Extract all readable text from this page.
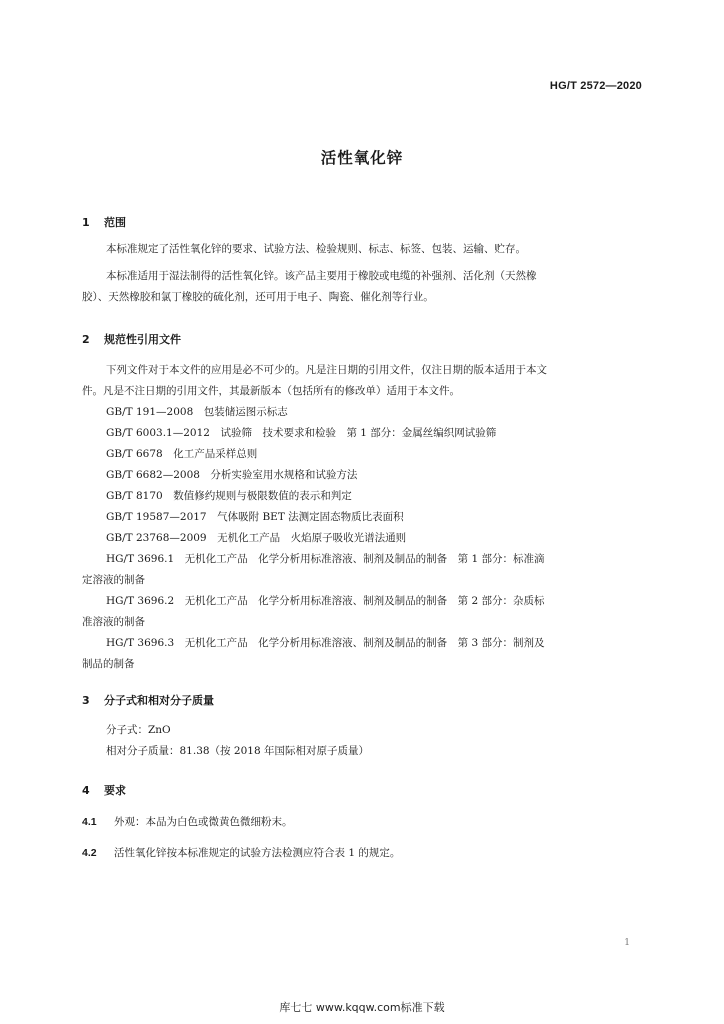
HG/T 2572—2020
活性氧化锌
1 范围
本标准规定了活性氧化锌的要求、试验方法、检验规则、标志、标签、包装、运输、贮存。
本标准适用于湿法制得的活性氧化锌。该产品主要用于橡胶或电缆的补强剂、活化剂（天然橡
胶）、天然橡胶和氯丁橡胶的硫化剂，还可用于电子、陶瓷、催化剂等行业。
2 规范性引用文件
下列文件对于本文件的应用是必不可少的。凡是注日期的引用文件，仅注日期的版本适用于本文
件。凡是不注日期的引用文件，其最新版本（包括所有的修改单）适用于本文件。
GB/T 191—2008　包装储运图示标志
GB/T 6003.1—2012　试验筛　技术要求和检验　第 1 部分：金属丝编织网试验筛
GB/T 6678　化工产品采样总则
GB/T 6682—2008　分析实验室用水规格和试验方法
GB/T 8170　数值修约规则与极限数值的表示和判定
GB/T 19587—2017　气体吸附 BET 法测定固态物质比表面积
GB/T 23768—2009　无机化工产品　火焰原子吸收光谱法通则
HG/T 3696.1　无机化工产品　化学分析用标准溶液、制剂及制品的制备　第 1 部分：标准滴
定溶液的制备
HG/T 3696.2　无机化工产品　化学分析用标准溶液、制剂及制品的制备　第 2 部分：杂质标
准溶液的制备
HG/T 3696.3　无机化工产品　化学分析用标准溶液、制剂及制品的制备　第 3 部分：制剂及
制品的制备
3 分子式和相对分子质量
分子式：ZnO
相对分子质量：81.38（按 2018 年国际相对原子质量）
4 要求
4.1 外观：本品为白色或微黄色微细粉末。
4.2 活性氧化锌按本标准规定的试验方法检测应符合表 1 的规定。
1
库七七 www.kqqw.com标准下载
